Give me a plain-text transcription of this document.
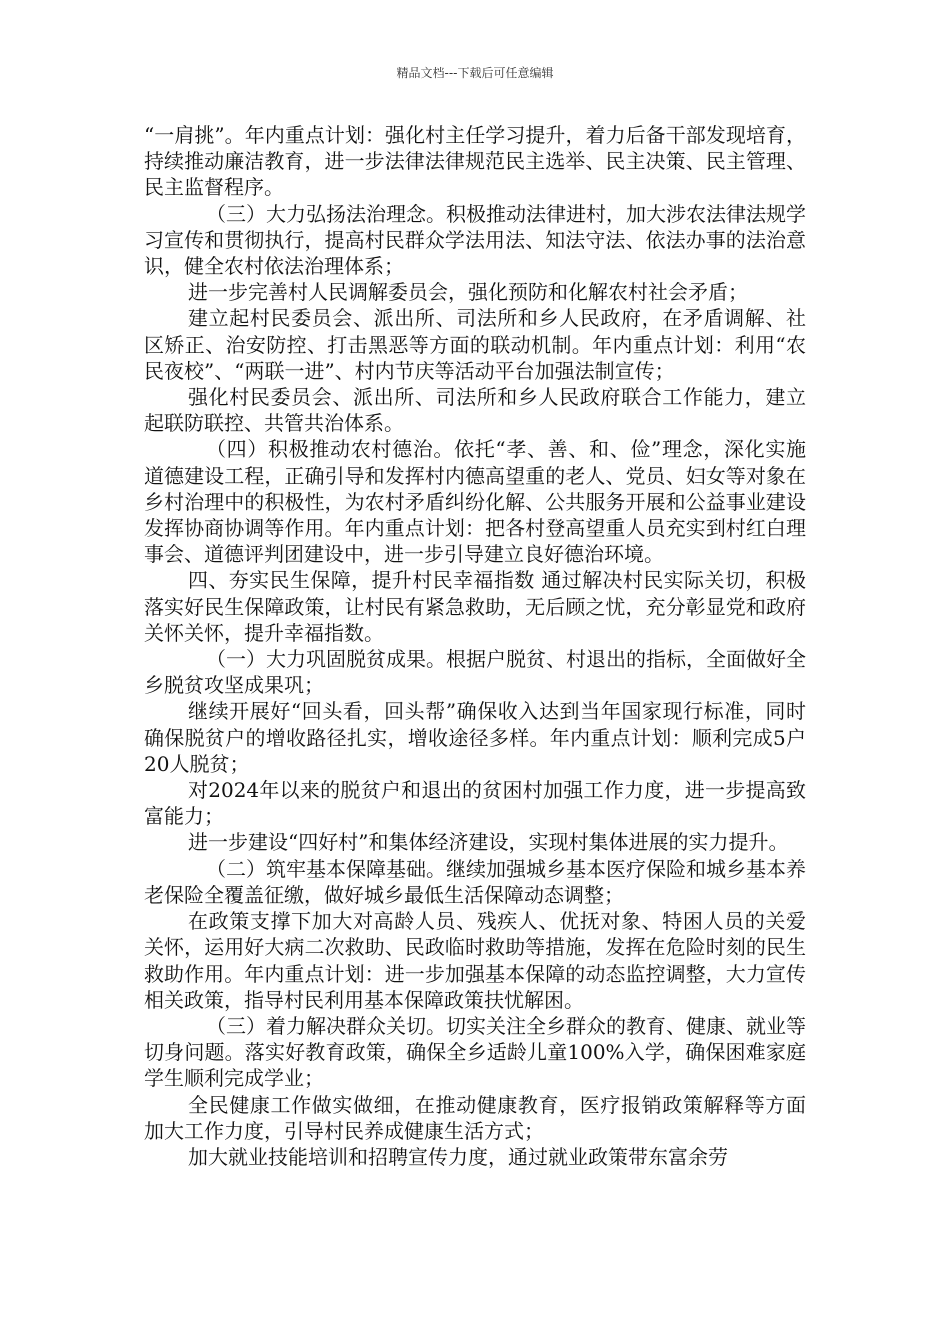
精品文档---下载后可任意编辑

“一肩挑”。年内重点计划：强化村主任学习提升，着力后备干部发现培育，持续推动廉洁教育，进一步法律法律规范民主选举、民主决策、民主管理、民主监督程序。

（三）大力弘扬法治理念。积极推动法律进村，加大涉农法律法规学习宣传和贯彻执行，提高村民群众学法用法、知法守法、依法办事的法治意识，健全农村依法治理体系；

进一步完善村人民调解委员会，强化预防和化解农村社会矛盾；

建立起村民委员会、派出所、司法所和乡人民政府，在矛盾调解、社区矫正、治安防控、打击黑恶等方面的联动机制。年内重点计划：利用“农民夜校”、“两联一进”、村内节庆等活动平台加强法制宣传；

强化村民委员会、派出所、司法所和乡人民政府联合工作能力，建立起联防联控、共管共治体系。

（四）积极推动农村德治。依托“孝、善、和、俭”理念，深化实施道德建设工程，正确引导和发挥村内德高望重的老人、党员、妇女等对象在乡村治理中的积极性，为农村矛盾纠纷化解、公共服务开展和公益事业建设发挥协商协调等作用。年内重点计划：把各村登高望重人员充实到村红白理事会、道德评判团建设中，进一步引导建立良好德治环境。

四、夯实民生保障，提升村民幸福指数 通过解决村民实际关切，积极落实好民生保障政策，让村民有紧急救助，无后顾之忧，充分彰显党和政府关怀关怀，提升幸福指数。

（一）大力巩固脱贫成果。根据户脱贫、村退出的指标，全面做好全乡脱贫攻坚成果巩；

继续开展好“回头看，回头帮”确保收入达到当年国家现行标准，同时确保脱贫户的增收路径扎实，增收途径多样。年内重点计划：顺利完成5户20人脱贫；

对2024年以来的脱贫户和退出的贫困村加强工作力度，进一步提高致富能力；

进一步建设“四好村”和集体经济建设，实现村集体进展的实力提升。

（二）筑牢基本保障基础。继续加强城乡基本医疗保险和城乡基本养老保险全覆盖征缴，做好城乡最低生活保障动态调整；

在政策支撑下加大对高龄人员、残疾人、优抚对象、特困人员的关爱关怀，运用好大病二次救助、民政临时救助等措施，发挥在危险时刻的民生救助作用。年内重点计划：进一步加强基本保障的动态监控调整，大力宣传相关政策，指导村民利用基本保障政策扶忧解困。

（三）着力解决群众关切。切实关注全乡群众的教育、健康、就业等切身问题。落实好教育政策，确保全乡适龄儿童100%入学，确保困难家庭学生顺利完成学业；

全民健康工作做实做细，在推动健康教育，医疗报销政策解释等方面加大工作力度，引导村民养成健康生活方式；

加大就业技能培训和招聘宣传力度，通过就业政策带东富余劳
